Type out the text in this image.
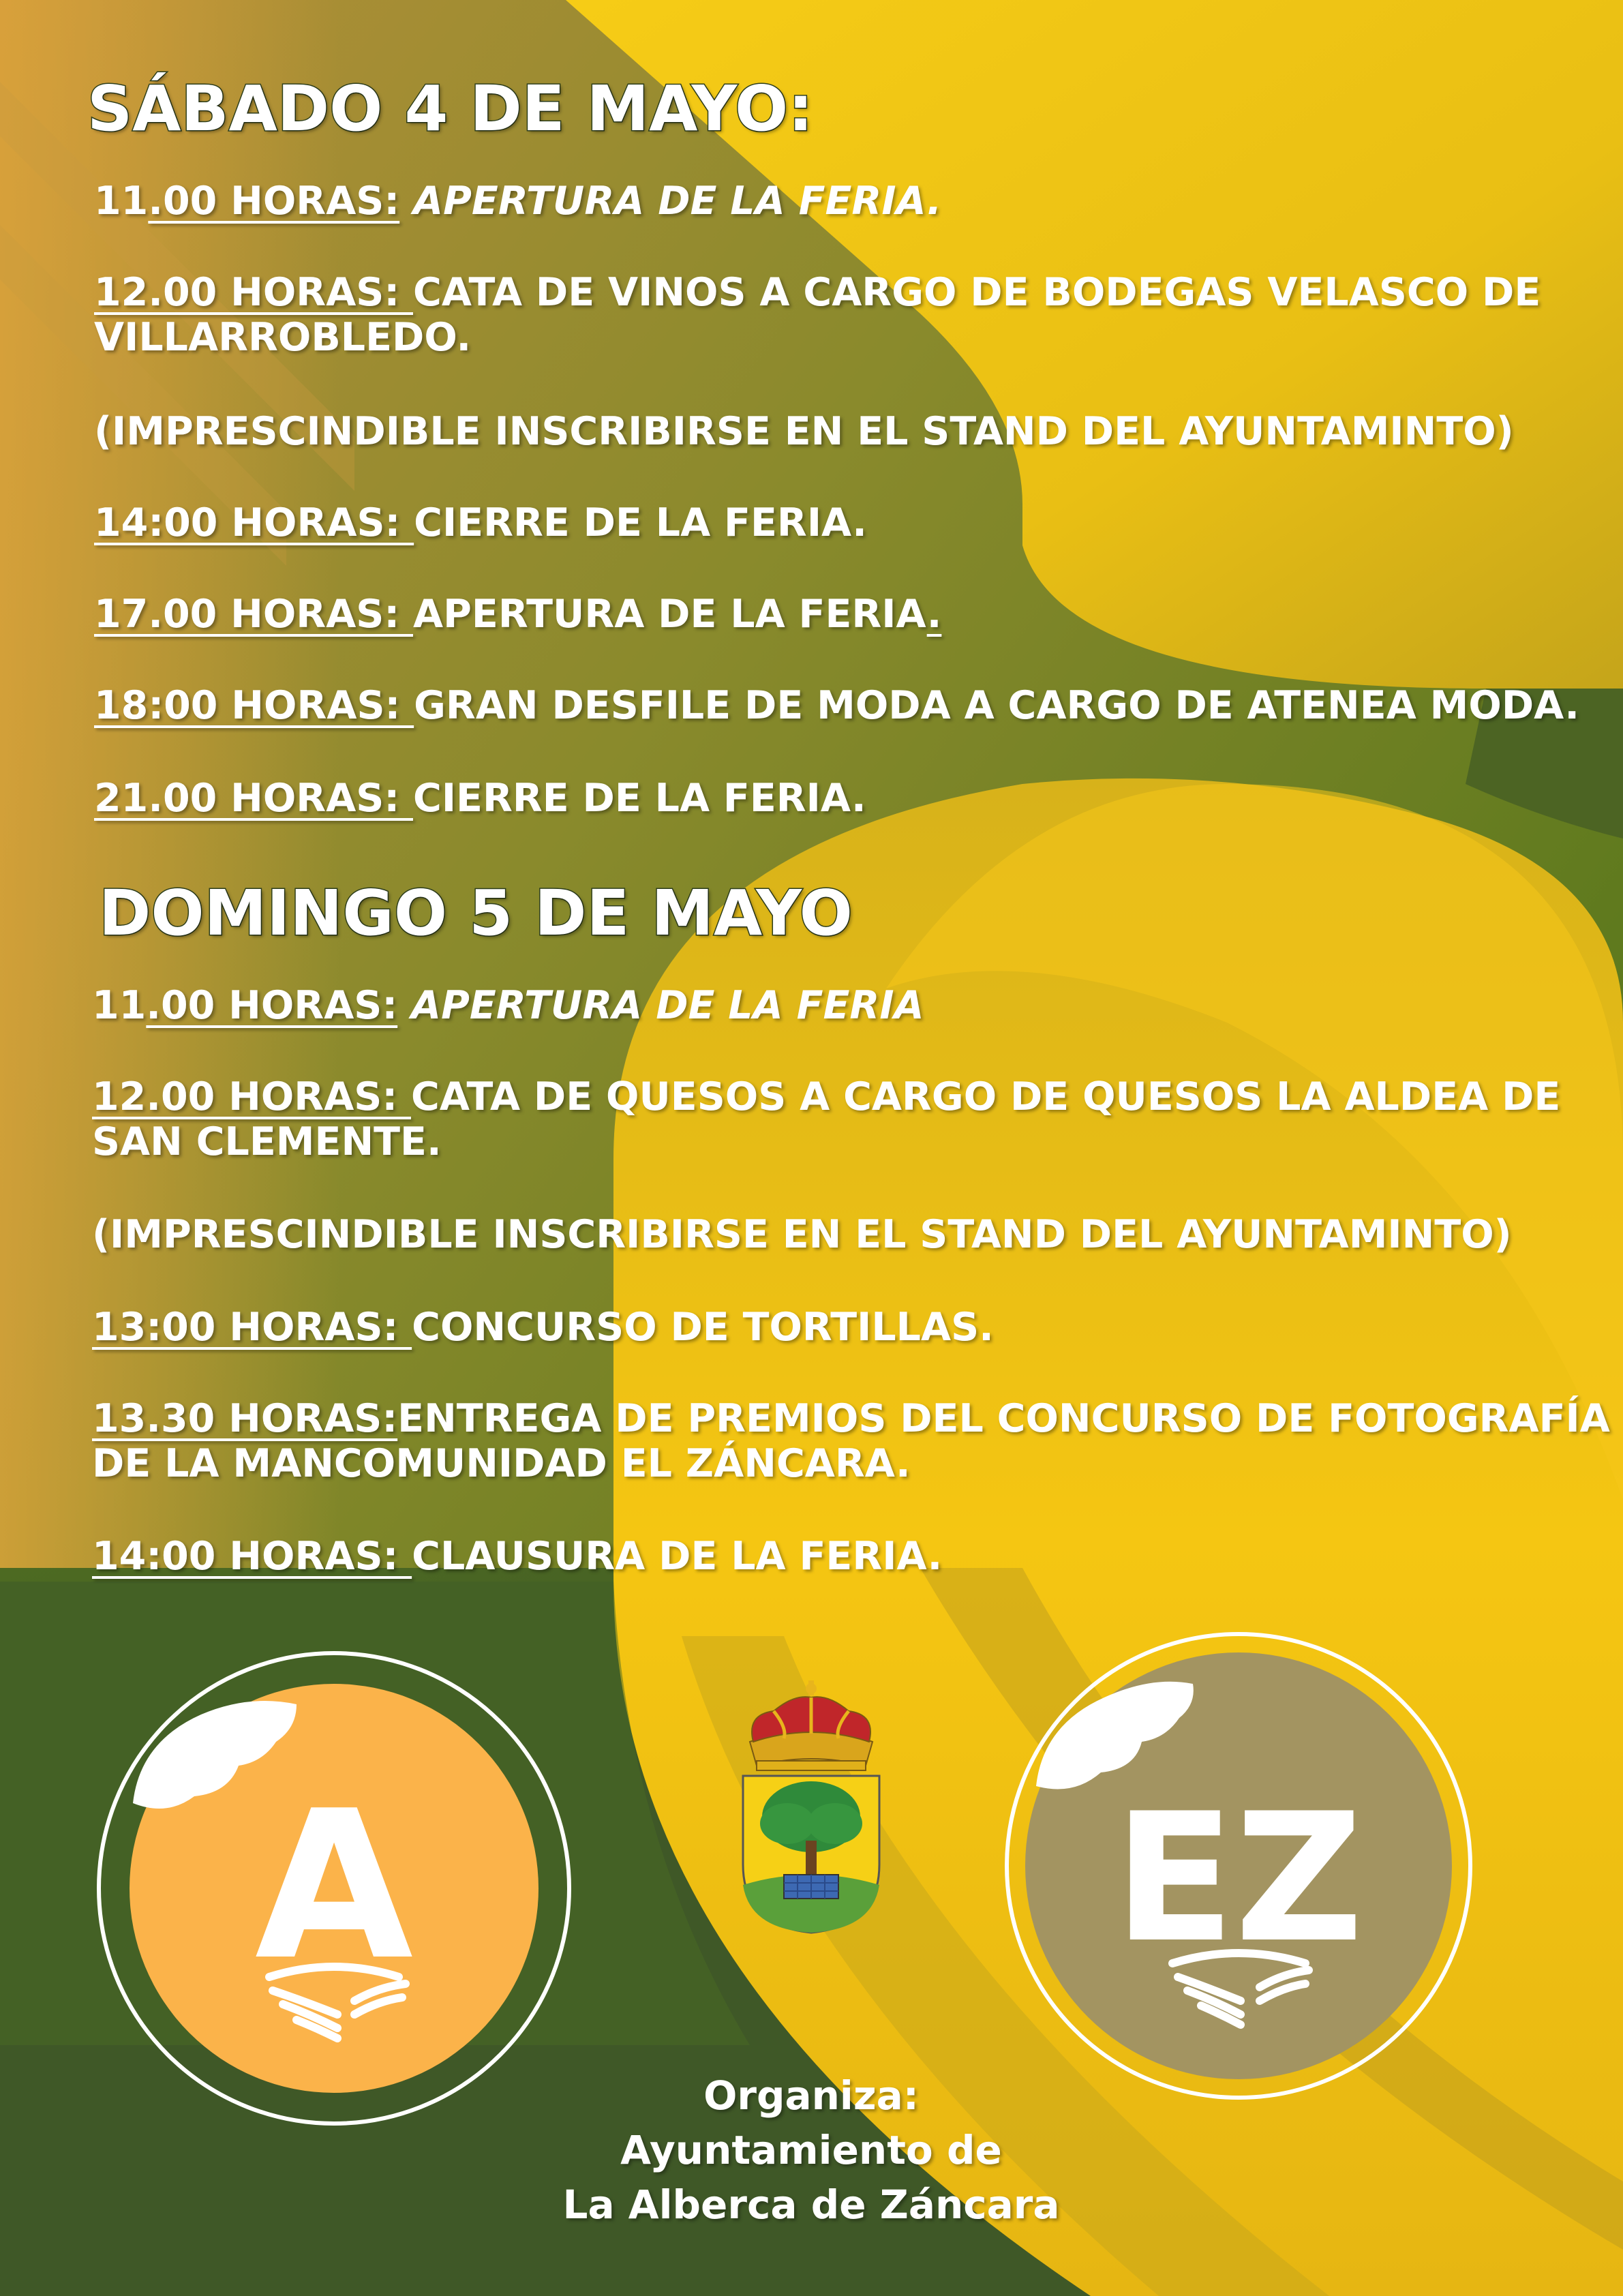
SÁBADO 4 DE MAYO:
11.00 HORAS: APERTURA DE LA FERIA.
12.00 HORAS: CATA DE VINOS A CARGO DE BODEGAS VELASCO DE
VILLARROBLEDO.
(IMPRESCINDIBLE INSCRIBIRSE EN EL STAND DEL AYUNTAMINTO)
14:00 HORAS: CIERRE DE LA FERIA.
17.00 HORAS: APERTURA DE LA FERIA.
18:00 HORAS: GRAN DESFILE DE MODA A CARGO DE ATENEA MODA.
21.00 HORAS: CIERRE DE LA FERIA.
DOMINGO 5 DE MAYO
11.00 HORAS: APERTURA DE LA FERIA
12.00 HORAS: CATA DE QUESOS A CARGO DE QUESOS LA ALDEA DE
SAN CLEMENTE.
(IMPRESCINDIBLE INSCRIBIRSE EN EL STAND DEL AYUNTAMINTO)
13:00 HORAS: CONCURSO DE TORTILLAS.
13.30 HORAS:ENTREGA DE PREMIOS DEL CONCURSO DE FOTOGRAFÍA
DE LA MANCOMUNIDAD EL ZÁNCARA.
14:00 HORAS: CLAUSURA DE LA FERIA.
A	EZ
Organiza:
Ayuntamiento de
La Alberca de Záncara
